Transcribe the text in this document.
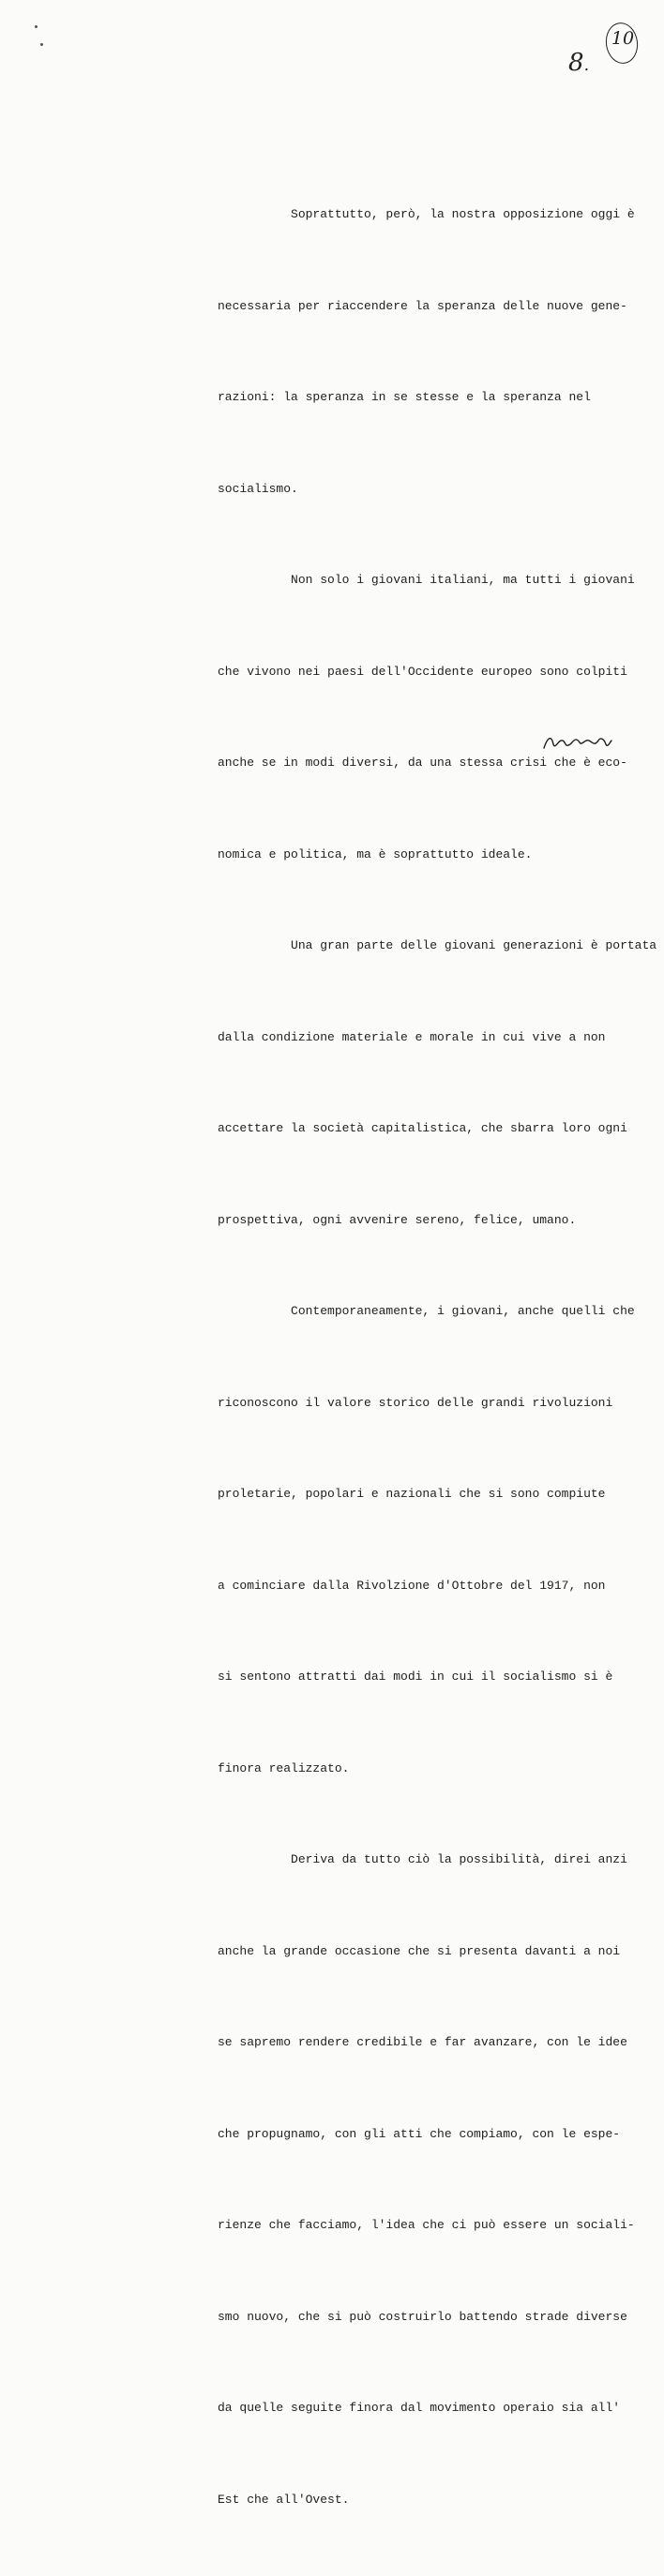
8.
10

Soprattutto, però, la nostra opposizione oggi è

necessaria per riaccendere la speranza delle nuove gene-

razioni: la speranza in se stesse e la speranza nel

socialismo.

Non solo i giovani italiani, ma tutti i giovani

che vivono nei paesi dell'Occidente europeo sono colpiti

anche se in modi diversi, da una stessa crisi che è eco-

nomica e politica, ma è soprattutto ideale.

Una gran parte delle giovani generazioni è portata

dalla condizione materiale e morale in cui vive a non

accettare la società capitalistica, che sbarra loro ogni

prospettiva, ogni avvenire sereno, felice, umano.

Contemporaneamente, i giovani, anche quelli che

riconoscono il valore storico delle grandi rivoluzioni

proletarie, popolari e nazionali che si sono compiute

a cominciare dalla Rivolzione d'Ottobre del 1917, non

si sentono attratti dai modi in cui il socialismo si è

finora realizzato.

Deriva da tutto ciò la possibilità, direi anzi

anche la grande occasione che si presenta davanti a noi

se sapremo rendere credibile e far avanzare, con le idee

che propugnamo, con gli atti che compiamo, con le espe-

rienze che facciamo, l'idea che ci può essere un sociali-

smo nuovo, che si può costruirlo battendo strade diverse

da quelle seguite finora dal movimento operaio sia all'

Est che all'Ovest.
